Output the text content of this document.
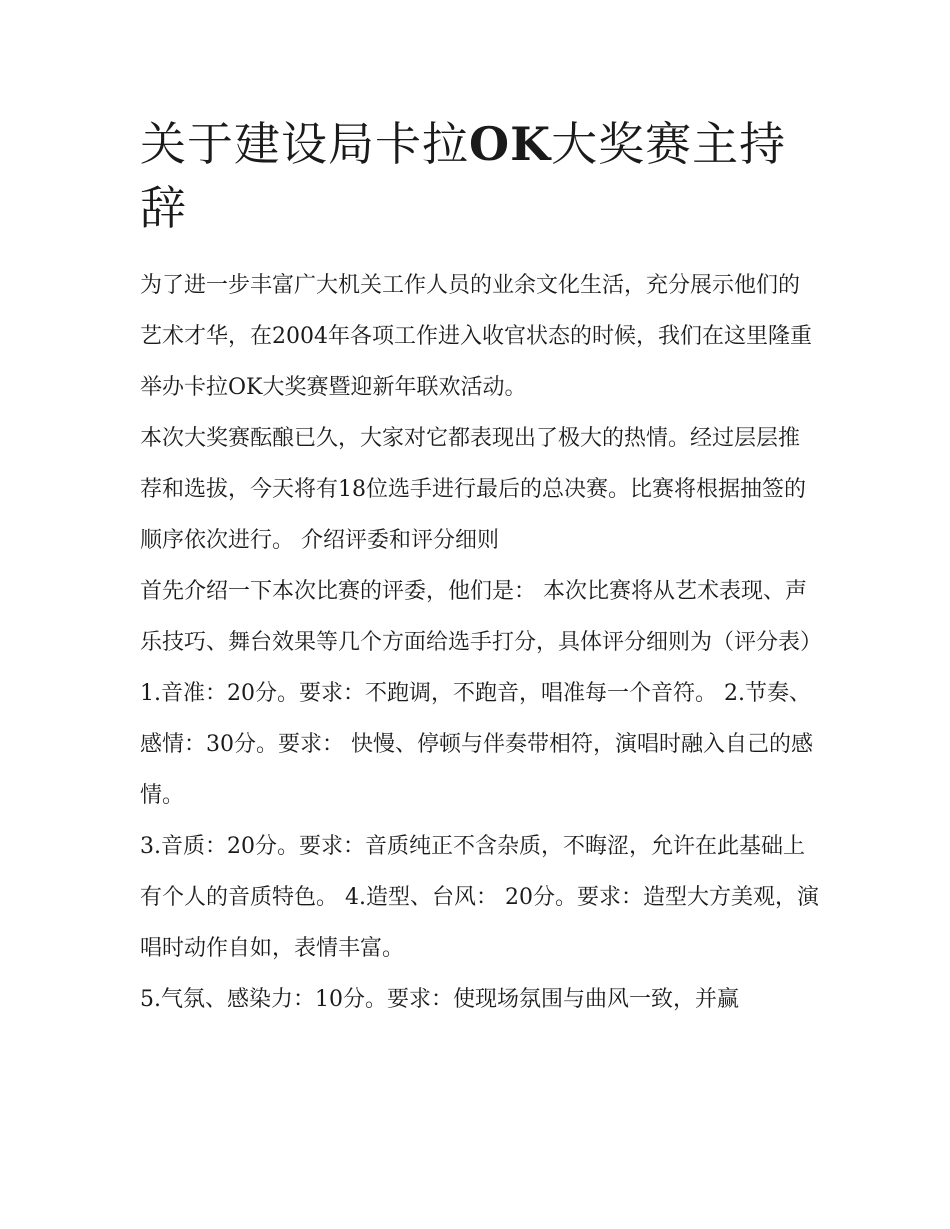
关于建设局卡拉OK大奖赛主持辞

为了进一步丰富广大机关工作人员的业余文化生活，充分展示他们的艺术才华，在2004年各项工作进入收官状态的时候，我们在这里隆重举办卡拉OK大奖赛暨迎新年联欢活动。

本次大奖赛酝酿已久，大家对它都表现出了极大的热情。经过层层推荐和选拔，今天将有18位选手进行最后的总决赛。比赛将根据抽签的顺序依次进行。 介绍评委和评分细则

首先介绍一下本次比赛的评委，他们是： 本次比赛将从艺术表现、声乐技巧、舞台效果等几个方面给选手打分，具体评分细则为（评分表）

1.音准：20分。要求：不跑调，不跑音，唱准每一个音符。 2.节奏、感情：30分。要求： 快慢、停顿与伴奏带相符，演唱时融入自己的感情。

3.音质：20分。要求：音质纯正不含杂质，不晦涩，允许在此基础上有个人的音质特色。 4.造型、台风： 20分。要求：造型大方美观，演唱时动作自如，表情丰富。

5.气氛、感染力：10分。要求：使现场氛围与曲风一致，并赢
